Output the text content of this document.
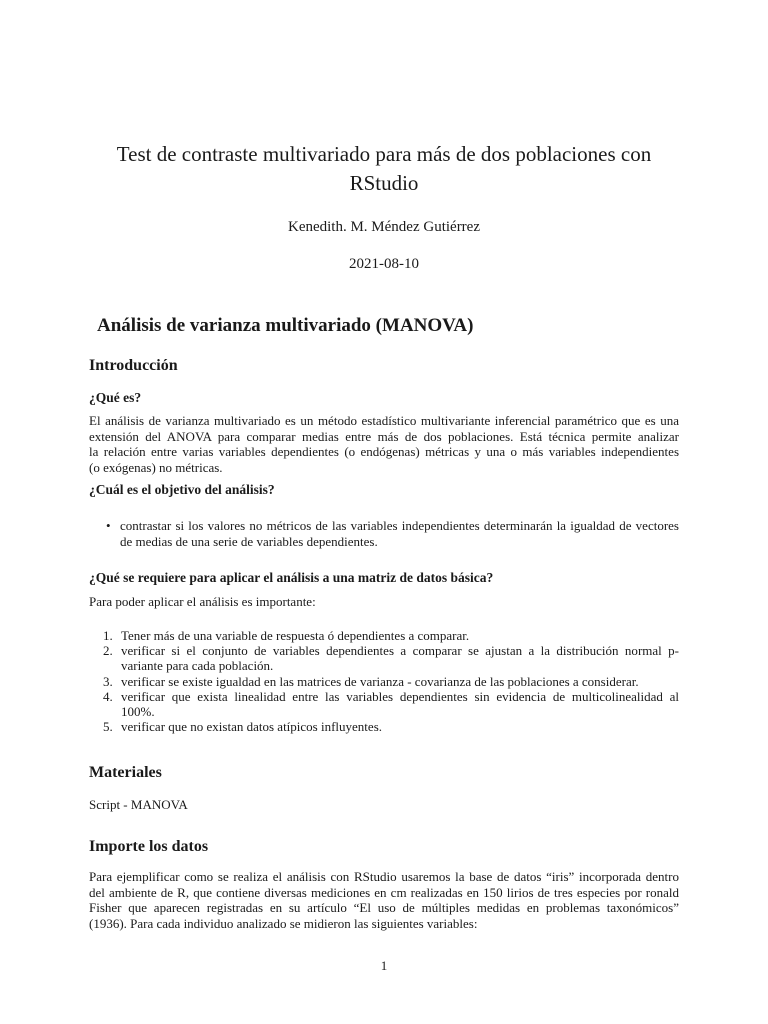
Test de contraste multivariado para más de dos poblaciones con RStudio
Kenedith. M. Méndez Gutiérrez
2021-08-10
Análisis de varianza multivariado (MANOVA)
Introducción
¿Qué es?
El análisis de varianza multivariado es un método estadístico multivariante inferencial paramétrico que es una
extensión del ANOVA para comparar medias entre más de dos poblaciones. Está técnica permite analizar
la relación entre varias variables dependientes (o endógenas) métricas y una o más variables independientes
(o exógenas) no métricas.
¿Cuál es el objetivo del análisis?
• contrastar si los valores no métricos de las variables independientes determinarán la igualdad de vectores
de medias de una serie de variables dependientes.
¿Qué se requiere para aplicar el análisis a una matriz de datos básica?
Para poder aplicar el análisis es importante:
1. Tener más de una variable de respuesta ó dependientes a comparar.
2. verificar si el conjunto de variables dependientes a comparar se ajustan a la distribución normal p-
variante para cada población.
3. verificar se existe igualdad en las matrices de varianza - covarianza de las poblaciones a considerar.
4. verificar que exista linealidad entre las variables dependientes sin evidencia de multicolinealidad al
100%.
5. verificar que no existan datos atípicos influyentes.
Materiales
Script - MANOVA
Importe los datos
Para ejemplificar como se realiza el análisis con RStudio usaremos la base de datos “iris” incorporada dentro
del ambiente de R, que contiene diversas mediciones en cm realizadas en 150 lirios de tres especies por ronald
Fisher que aparecen registradas en su artículo “El uso de múltiples medidas en problemas taxonómicos”
(1936). Para cada individuo analizado se midieron las siguientes variables:
1
